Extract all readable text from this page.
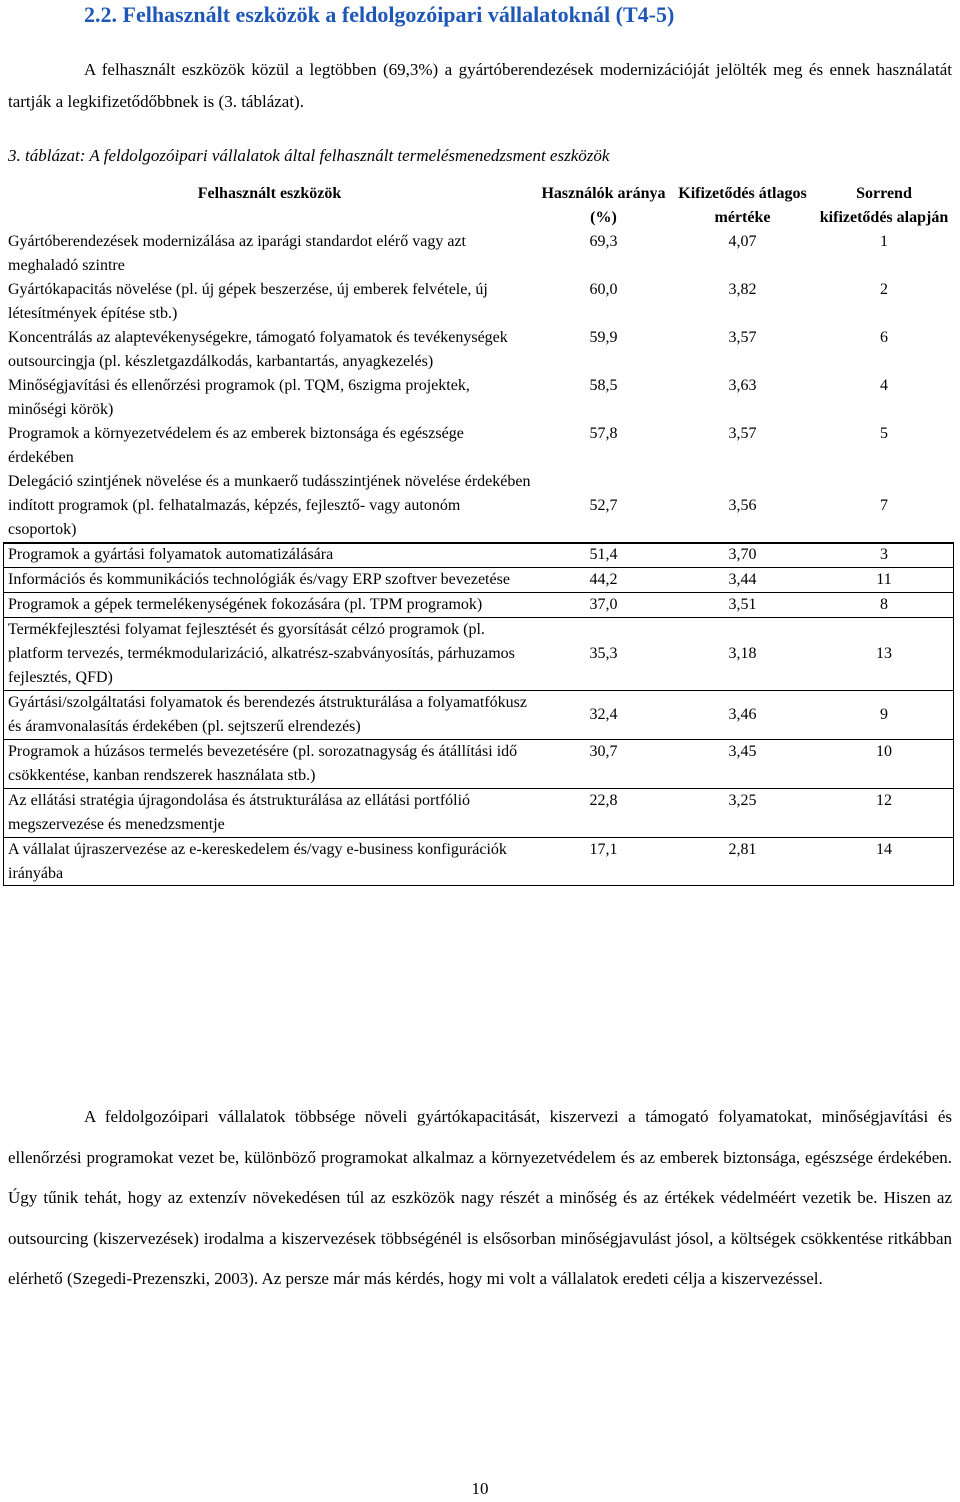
2.2. Felhasznált eszközök a feldolgozóipari vállalatoknál (T4-5)

A felhasznált eszközök közül a legtöbben (69,3%) a gyártóberendezések modernizációját jelölték meg és ennek használatát tartják a legkifizetődőbbnek is (3. táblázat).

3. táblázat: A feldolgozóipari vállalatok által felhasznált termelésmenedzsment eszközök
Felhasznált eszközök	Használók aránya (%)	Kifizetődés átlagos mértéke	Sorrend kifizetődés alapján
Gyártóberendezések modernizálása az iparági standardot elérő vagy azt meghaladó szintre	69,3	4,07	1
Gyártókapacitás növelése (pl. új gépek beszerzése, új emberek felvétele, új létesítmények építése stb.)	60,0	3,82	2
Koncentrálás az alaptevékenységekre, támogató folyamatok és tevékenységek outsourcingja (pl. készletgazdálkodás, karbantartás, anyagkezelés)	59,9	3,57	6
Minőségjavítási és ellenőrzési programok (pl. TQM, 6szigma projektek, minőségi körök)	58,5	3,63	4
Programok a környezetvédelem és az emberek biztonsága és egészsége érdekében	57,8	3,57	5
Delegáció szintjének növelése és a munkaerő tudásszintjének növelése érdekében indított programok (pl. felhatalmazás, képzés, fejlesztő- vagy autonóm csoportok)	52,7	3,56	7
Programok a gyártási folyamatok automatizálására	51,4	3,70	3
Információs és kommunikációs technológiák és/vagy ERP szoftver bevezetése	44,2	3,44	11
Programok a gépek termelékenységének fokozására (pl. TPM programok)	37,0	3,51	8
Termékfejlesztési folyamat fejlesztését és gyorsítását célzó programok (pl. platform tervezés, termékmodularizáció, alkatrész-szabványosítás, párhuzamos fejlesztés, QFD)	35,3	3,18	13
Gyártási/szolgáltatási folyamatok és berendezés átstrukturálása a folyamatfókusz és áramvonalasítás érdekében (pl. sejtszerű elrendezés)	32,4	3,46	9
Programok a húzásos termelés bevezetésére (pl. sorozatnagyság és átállítási idő csökkentése, kanban rendszerek használata stb.)	30,7	3,45	10
Az ellátási stratégia újragondolása és átstrukturálása az ellátási portfólió megszervezése és menedzsmentje	22,8	3,25	12
A vállalat újraszervezése az e-kereskedelem és/vagy e-business konfigurációk irányába	17,1	2,81	14

A feldolgozóipari vállalatok többsége növeli gyártókapacitását, kiszervezi a támogató folyamatokat, minőségjavítási és ellenőrzési programokat vezet be, különböző programokat alkalmaz a környezetvédelem és az emberek biztonsága, egészsége érdekében. Úgy tűnik tehát, hogy az extenzív növekedésen túl az eszközök nagy részét a minőség és az értékek védelméért vezetik be. Hiszen az outsourcing (kiszervezések) irodalma a kiszervezések többségénél is elsősorban minőségjavulást jósol, a költségek csökkentése ritkábban elérhető (Szegedi-Prezenszki, 2003). Az persze már más kérdés, hogy mi volt a vállalatok eredeti célja a kiszervezéssel.

10
